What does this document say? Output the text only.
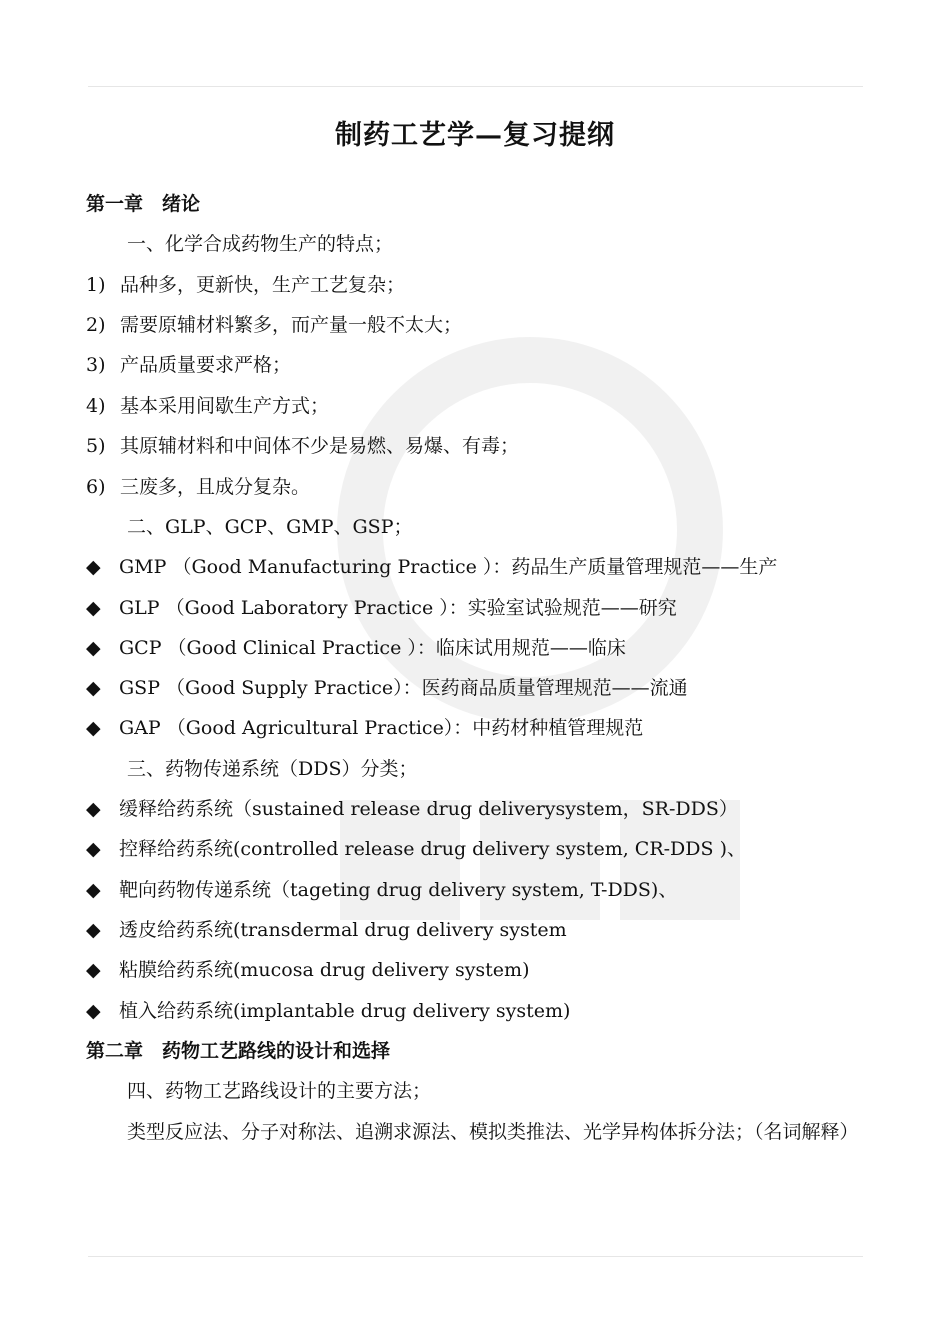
制药工艺学—复习提纲
第一章　绪论
一、化学合成药物生产的特点；
1) 品种多，更新快，生产工艺复杂；
2) 需要原辅材料繁多，而产量一般不太大；
3) 产品质量要求严格；
4) 基本采用间歇生产方式；
5) 其原辅材料和中间体不少是易燃、易爆、有毒；
6) 三废多，且成分复杂。
二、GLP、GCP、GMP、GSP；
◆ GMP （Good Manufacturing Practice ）：药品生产质量管理规范——生产
◆ GLP （Good Laboratory Practice ）：实验室试验规范——研究
◆ GCP （Good Clinical Practice ）：临床试用规范——临床
◆ GSP （Good Supply Practice）：医药商品质量管理规范——流通
◆ GAP （Good Agricultural Practice）：中药材种植管理规范
三、药物传递系统（DDS）分类；
◆ 缓释给药系统（sustained release drug deliverysystem，SR-DDS）
◆ 控释给药系统(controlled release drug delivery system, CR-DDS )、
◆ 靶向药物传递系统（tageting drug delivery system, T-DDS)、
◆ 透皮给药系统(transdermal drug delivery system
◆ 粘膜给药系统(mucosa drug delivery system)
◆ 植入给药系统(implantable drug delivery system)
第二章　药物工艺路线的设计和选择
四、药物工艺路线设计的主要方法；
类型反应法、分子对称法、追溯求源法、模拟类推法、光学异构体拆分法；（名词解释）
